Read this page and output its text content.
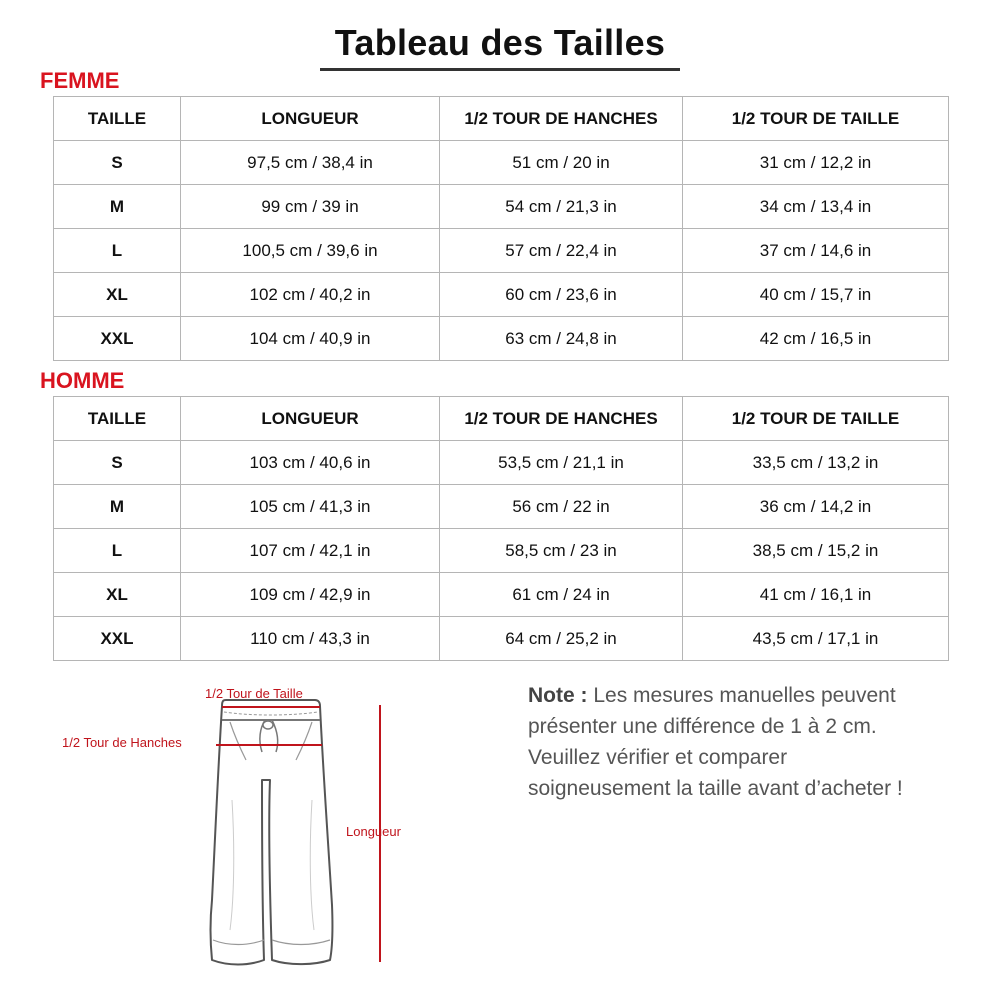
Tableau des Tailles
FEMME
TAILLE	LONGUEUR	1/2 TOUR DE HANCHES	1/2 TOUR DE TAILLE
S	97,5 cm / 38,4 in	51 cm / 20 in	31 cm / 12,2 in
M	99 cm / 39 in	54 cm / 21,3 in	34 cm / 13,4 in
L	100,5 cm / 39,6 in	57 cm / 22,4 in	37 cm / 14,6 in
XL	102 cm / 40,2 in	60 cm / 23,6 in	40 cm / 15,7 in
XXL	104 cm / 40,9 in	63 cm / 24,8 in	42 cm / 16,5 in
HOMME
TAILLE	LONGUEUR	1/2 TOUR DE HANCHES	1/2 TOUR DE TAILLE
S	103 cm / 40,6 in	53,5 cm / 21,1 in	33,5 cm / 13,2 in
M	105 cm / 41,3 in	56 cm / 22 in	36 cm / 14,2 in
L	107 cm / 42,1 in	58,5 cm / 23 in	38,5 cm / 15,2 in
XL	109 cm / 42,9 in	61 cm / 24 in	41 cm / 16,1 in
XXL	110 cm / 43,3 in	64 cm / 25,2 in	43,5 cm / 17,1 in
1/2 Tour de Taille
1/2 Tour de Hanches
Longueur
Note : Les mesures manuelles peuvent présenter une différence de 1 à 2 cm. Veuillez vérifier et comparer soigneusement la taille avant d’acheter !
